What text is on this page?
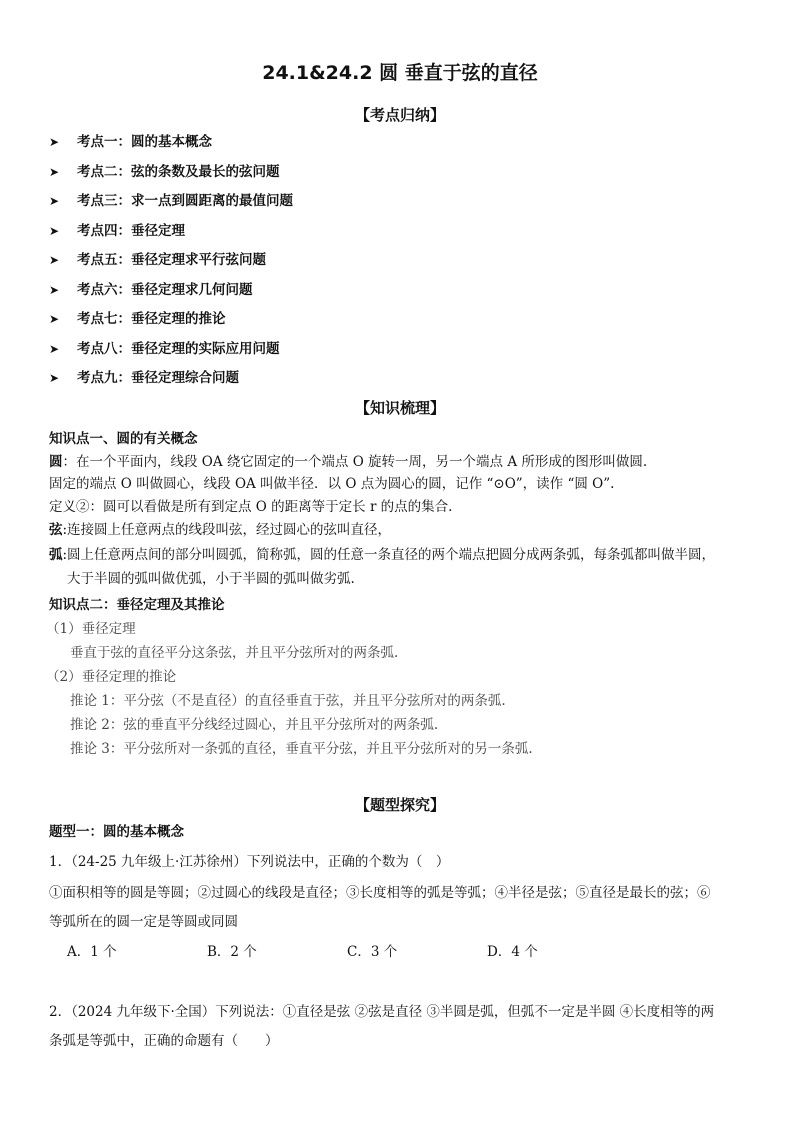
24.1&24.2 圆 垂直于弦的直径
【考点归纳】
➤ 考点一：圆的基本概念
➤ 考点二：弦的条数及最长的弦问题
➤ 考点三：求一点到圆距离的最值问题
➤ 考点四：垂径定理
➤ 考点五：垂径定理求平行弦问题
➤ 考点六：垂径定理求几何问题
➤ 考点七：垂径定理的推论
➤ 考点八：垂径定理的实际应用问题
➤ 考点九：垂径定理综合问题
【知识梳理】
知识点一、圆的有关概念
圆：在一个平面内，线段 OA 绕它固定的一个端点 O 旋转一周，另一个端点 A 所形成的图形叫做圆.
固定的端点 O 叫做圆心，线段 OA 叫做半径．以 O 点为圆心的圆，记作 “⊙O”，读作 “圆 O”.
定义②：圆可以看做是所有到定点 O 的距离等于定长 r 的点的集合.
弦:连接圆上任意两点的线段叫弦，经过圆心的弦叫直径，
弧:圆上任意两点间的部分叫圆弧，简称弧，圆的任意一条直径的两个端点把圆分成两条弧，每条弧都叫做半圆，
大于半圆的弧叫做优弧，小于半圆的弧叫做劣弧.
知识点二：垂径定理及其推论
（1）垂径定理
垂直于弦的直径平分这条弦，并且平分弦所对的两条弧.
（2）垂径定理的推论
推论 1：平分弦（不是直径）的直径垂直于弦，并且平分弦所对的两条弧.
推论 2：弦的垂直平分线经过圆心，并且平分弦所对的两条弧.
推论 3：平分弦所对一条弧的直径，垂直平分弦，并且平分弦所对的另一条弧.
【题型探究】
题型一：圆的基本概念
1．（24-25 九年级上·江苏徐州）下列说法中，正确的个数为（　）
①面积相等的圆是等圆；②过圆心的线段是直径；③长度相等的弧是等弧；④半径是弦；⑤直径是最长的弦；⑥
等弧所在的圆一定是等圆或同圆
A．1 个	B．2 个	C．3 个	D．4 个
2．（2024 九年级下·全国）下列说法：①直径是弦 ②弦是直径 ③半圆是弧，但弧不一定是半圆 ④长度相等的两
条弧是等弧中，正确的命题有（　　）
